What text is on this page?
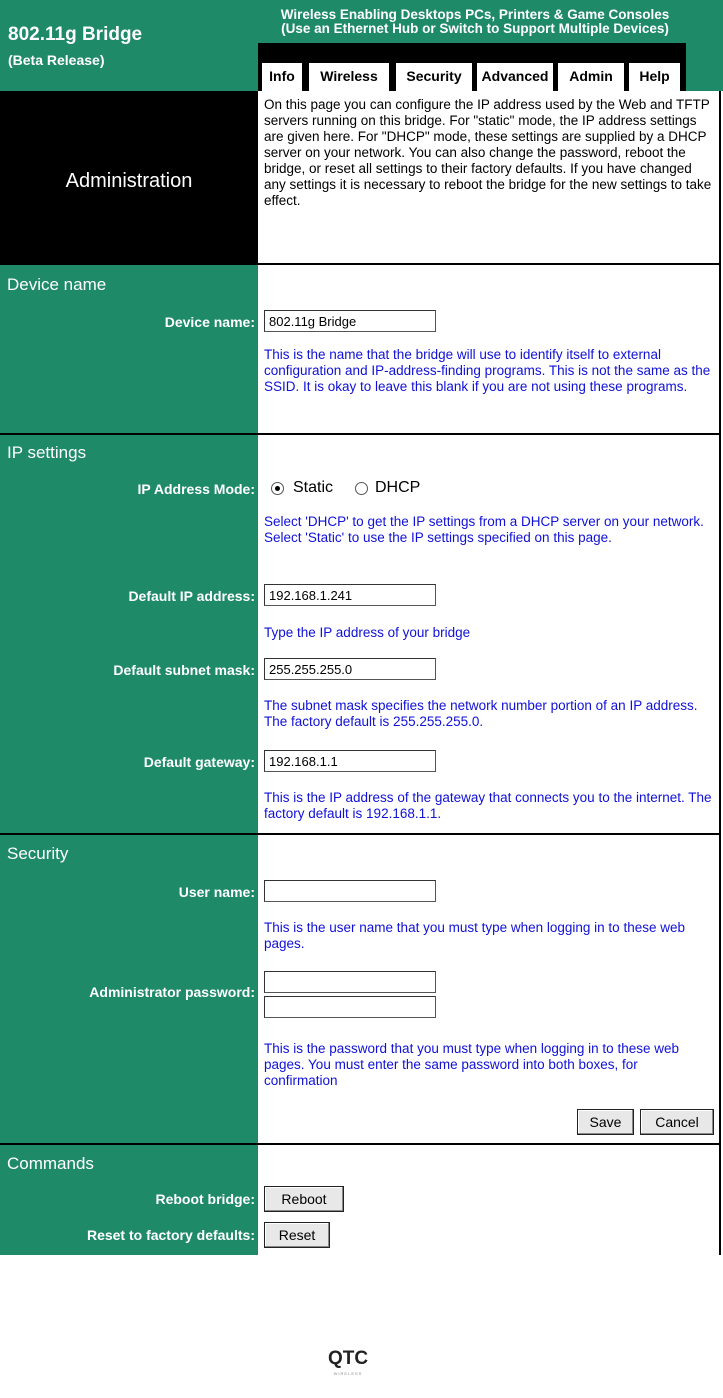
802.11g Bridge
(Beta Release)
Wireless Enabling Desktops PCs, Printers & Game Consoles
(Use an Ethernet Hub or Switch to Support Multiple Devices)
Info	Wireless	Security	Advanced	Admin	Help
Administration
On this page you can configure the IP address used by the Web and TFTP servers running on this bridge. For "static" mode, the IP address settings are given here. For "DHCP" mode, these settings are supplied by a DHCP server on your network. You can also change the password, reboot the bridge, or reset all settings to their factory defaults. If you have changed any settings it is necessary to reboot the bridge for the new settings to take effect.
Device name
Device name:
802.11g Bridge
This is the name that the bridge will use to identify itself to external configuration and IP-address-finding programs. This is not the same as the SSID. It is okay to leave this blank if you are not using these programs.
IP settings
IP Address Mode: Static	DHCP
Select 'DHCP' to get the IP settings from a DHCP server on your network. Select 'Static' to use the IP settings specified on this page.
Default IP address:
192.168.1.241
Type the IP address of your bridge
Default subnet mask:
255.255.255.0
The subnet mask specifies the network number portion of an IP address. The factory default is 255.255.255.0.
Default gateway:
192.168.1.1
This is the IP address of the gateway that connects you to the internet. The factory default is 192.168.1.1.
Security
User name:
This is the user name that you must type when logging in to these web pages.
Administrator password:
This is the password that you must type when logging in to these web pages. You must enter the same password into both boxes, for confirmation
Save	Cancel
Commands
Reboot bridge:	Reboot
Reset to factory defaults:	Reset
QTC
WIRELESS
